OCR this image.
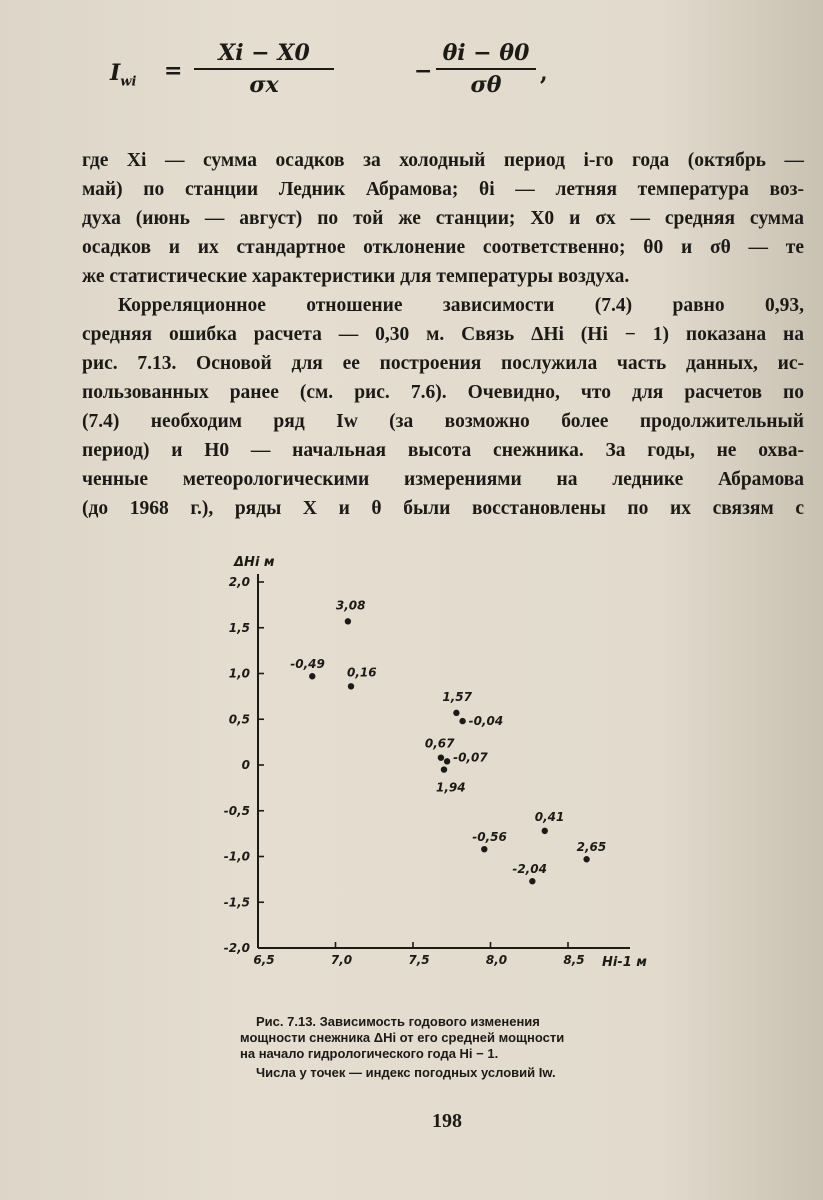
$I_{wi}$ =
Xi − X0
σx
−
θi − θ0
σθ	,

где Xi — сумма осадков за холодный период i-го года (октябрь —

май) по станции Ледник Абрамова; θi — летняя температура воз-

духа (июнь — август) по той же станции; X0 и σx — средняя сумма

осадков и их стандартное отклонение соответственно; θ0 и σθ — те

же статистические характеристики для температуры воздуха.

Корреляционное отношение зависимости (7.4) равно 0,93,

средняя ошибка расчета — 0,30 м. Связь ΔHi (Hi − 1) показана на

рис. 7.13. Основой для ее построения послужила часть данных, ис-

пользованных ранее (см. рис. 7.6). Очевидно, что для расчетов по

(7.4) необходим ряд Iw (за возможно более продолжительный

период) и H0 — начальная высота снежника. За годы, не охва-

ченные метеорологическими измерениями на леднике Абрамова

(до 1968 г.), ряды X и θ были восстановлены по их связям с

2,0
1,5
1,0
0,5
0
-0,5
-1,0
-1,5
-2,0
6,5	7,0	7,5	8,0	8,5
ΔHi м
Hi-1 м
-0,49
3,08
0,16
1,57
-0,04
0,67
-0,07
1,94
-0,56
0,41
-2,04
2,65

Рис. 7.13. Зависимость годового изменения

мощности снежника ΔHi от его средней мощности

на начало гидрологического года Hi − 1.

Числа у точек — индекс погодных условий Iw.

198
